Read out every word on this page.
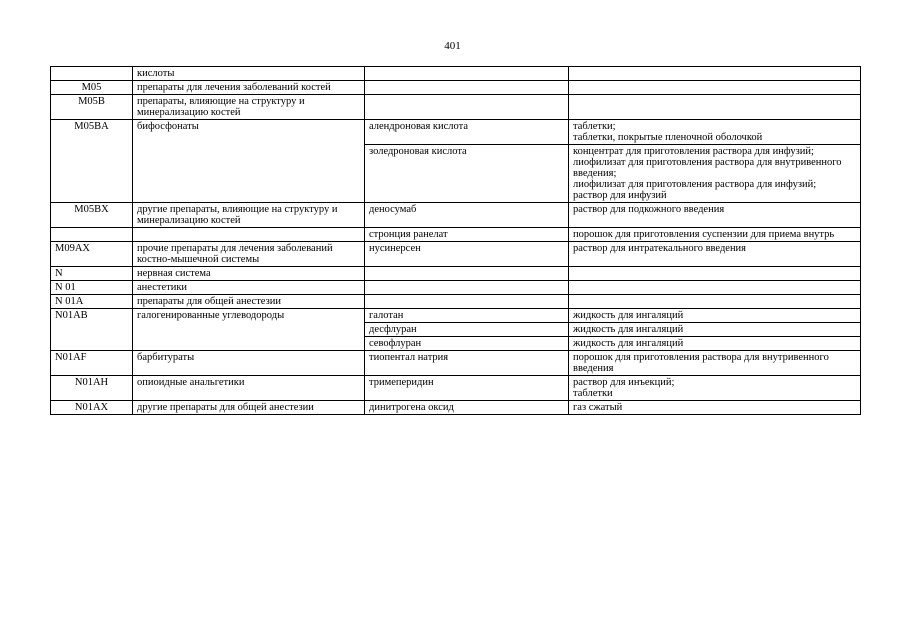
401
	кислоты		
M05	препараты для лечения заболеваний костей		
M05B	препараты, влияющие на структуру и минерализацию костей		
M05BA	бифосфонаты	алендроновая кислота	таблетки;
таблетки, покрытые пленочной оболочкой

		золедроновая кислота	концентрат для приготовления раствора для инфузий;
лиофилизат для приготовления раствора для внутривенного введения;
лиофилизат для приготовления раствора для инфузий;
раствор для инфузий

M05BX	другие препараты, влияющие на структуру и минерализацию костей	деносумаб	раствор для подкожного введения

		стронция ранелат	порошок для приготовления суспензии для приема внутрь

M09AX	прочие препараты для лечения заболеваний костно-мышечной системы	нусинерсен	раствор для интратекального введения

N	нервная система		
N 01	анестетики		
N 01A	препараты для общей анестезии		
N01AB	галогенированные углеводороды	галотан	жидкость для ингаляций

		десфлуран	жидкость для ингаляций

		севофлуран	жидкость для ингаляций

N01AF	барбитураты	тиопентал натрия	порошок для приготовления раствора для внутривенного введения

N01AH	опиоидные анальгетики	тримеперидин	раствор для инъекций;
таблетки

N01AX	другие препараты для общей анестезии	динитрогена оксид	газ сжатый
